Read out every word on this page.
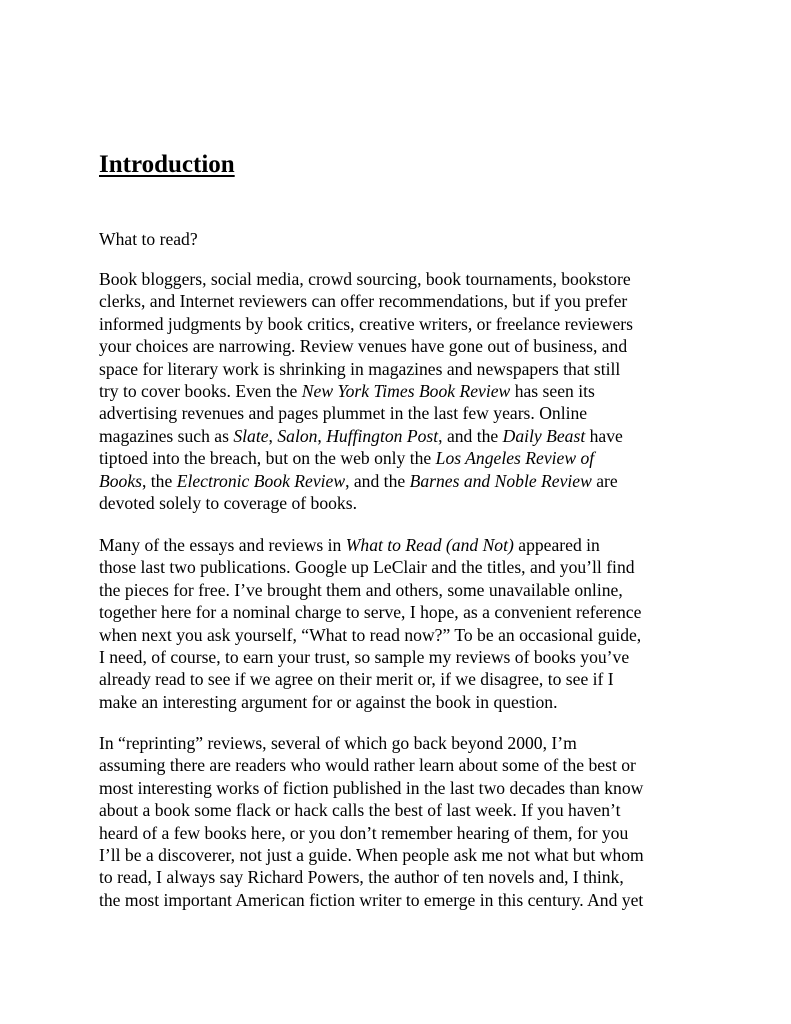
Introduction

What to read?

Book bloggers, social media, crowd sourcing, book tournaments, bookstore
clerks, and Internet reviewers can offer recommendations, but if you prefer
informed judgments by book critics, creative writers, or freelance reviewers
your choices are narrowing. Review venues have gone out of business, and
space for literary work is shrinking in magazines and newspapers that still
try to cover books. Even the New York Times Book Review has seen its
advertising revenues and pages plummet in the last few years. Online
magazines such as Slate, Salon, Huffington Post, and the Daily Beast have
tiptoed into the breach, but on the web only the Los Angeles Review of
Books, the Electronic Book Review, and the Barnes and Noble Review are
devoted solely to coverage of books.
Many of the essays and reviews in What to Read (and Not) appeared in
those last two publications. Google up LeClair and the titles, and you’ll find
the pieces for free. I’ve brought them and others, some unavailable online,
together here for a nominal charge to serve, I hope, as a convenient reference
when next you ask yourself, “What to read now?” To be an occasional guide,
I need, of course, to earn your trust, so sample my reviews of books you’ve
already read to see if we agree on their merit or, if we disagree, to see if I
make an interesting argument for or against the book in question.
In “reprinting” reviews, several of which go back beyond 2000, I’m
assuming there are readers who would rather learn about some of the best or
most interesting works of fiction published in the last two decades than know
about a book some flack or hack calls the best of last week. If you haven’t
heard of a few books here, or you don’t remember hearing of them, for you
I’ll be a discoverer, not just a guide. When people ask me not what but whom
to read, I always say Richard Powers, the author of ten novels and, I think,
the most important American fiction writer to emerge in this century. And yet
